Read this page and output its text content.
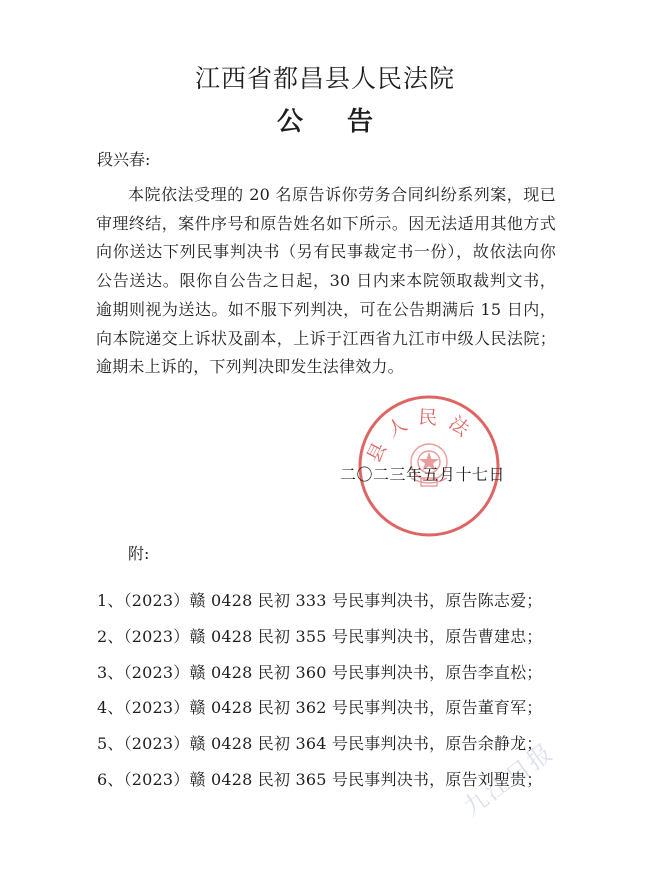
江西省都昌县人民法院
公告
段兴春:
本院依法受理的 20 名原告诉你劳务合同纠纷系列案，现已审理终结，案件序号和原告姓名如下所示。因无法适用其他方式向你送达下列民事判决书（另有民事裁定书一份），故依法向你公告送达。限你自公告之日起，30 日内来本院领取裁判文书，逾期则视为送达。如不服下列判决，可在公告期满后 15 日内，向本院递交上诉状及副本，上诉于江西省九江市中级人民法院；逾期未上诉的，下列判决即发生法律效力。
县人民法
二〇二三年五月十七日
附:
1、（2023）赣 0428 民初 333 号民事判决书，原告陈志爱；
2、（2023）赣 0428 民初 355 号民事判决书，原告曹建忠；
3、（2023）赣 0428 民初 360 号民事判决书，原告李直松；
4、（2023）赣 0428 民初 362 号民事判决书，原告董育军；
5、（2023）赣 0428 民初 364 号民事判决书，原告余静龙；
6、（2023）赣 0428 民初 365 号民事判决书，原告刘聖贵；
九江日报
